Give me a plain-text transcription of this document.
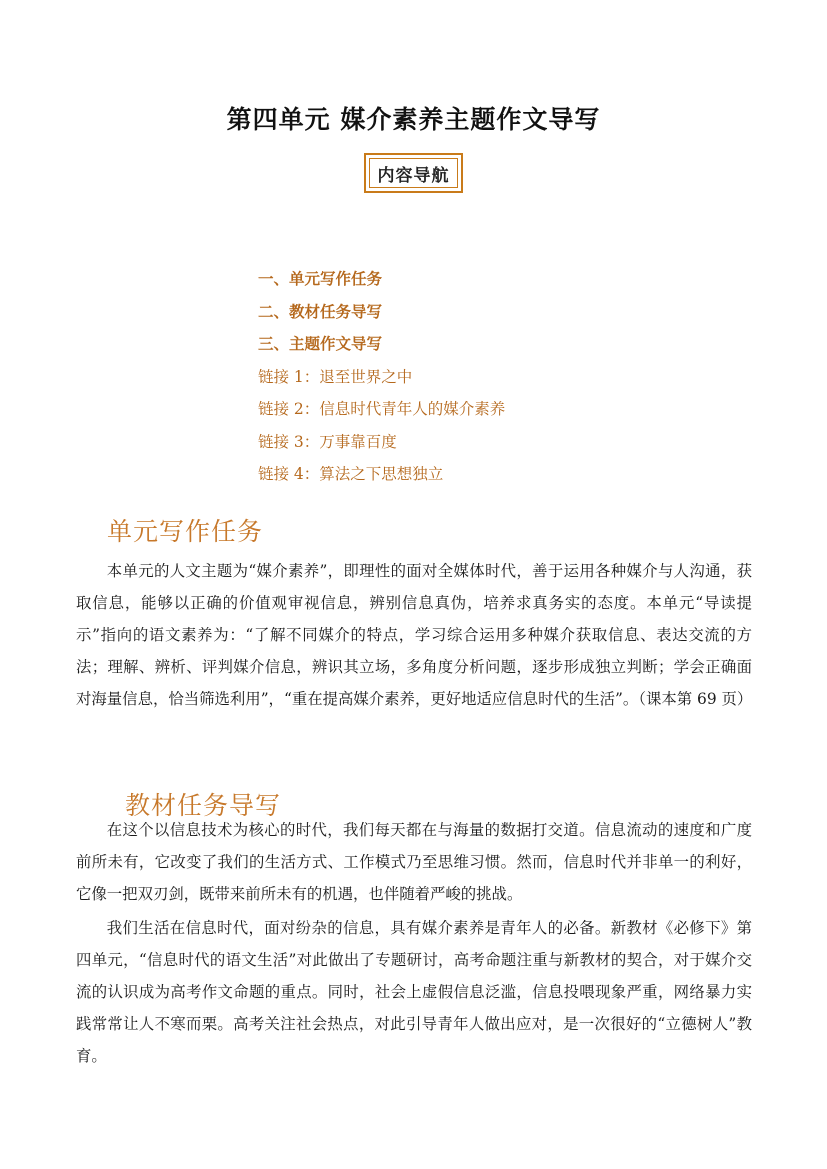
第四单元 媒介素养主题作文导写
内容导航
一、单元写作任务
二、教材任务导写
三、主题作文导写
链接 1：退至世界之中
链接 2：信息时代青年人的媒介素养
链接 3：万事靠百度
链接 4：算法之下思想独立
单元写作任务
本单元的人文主题为“媒介素养”，即理性的面对全媒体时代，善于运用各种媒介与人沟通，获取信息，能够以正确的价值观审视信息，辨别信息真伪，培养求真务实的态度。本单元“导读提示”指向的语文素养为：“了解不同媒介的特点，学习综合运用多种媒介获取信息、表达交流的方法；理解、辨析、评判媒介信息，辨识其立场，多角度分析问题，逐步形成独立判断；学会正确面对海量信息，恰当筛选利用”，“重在提高媒介素养，更好地适应信息时代的生活”。（课本第 69 页）
教材任务导写
在这个以信息技术为核心的时代，我们每天都在与海量的数据打交道。信息流动的速度和广度前所未有，它改变了我们的生活方式、工作模式乃至思维习惯。然而，信息时代并非单一的利好，它像一把双刃剑，既带来前所未有的机遇，也伴随着严峻的挑战。
我们生活在信息时代，面对纷杂的信息，具有媒介素养是青年人的必备。新教材《必修下》第四单元，“信息时代的语文生活”对此做出了专题研讨，高考命题注重与新教材的契合，对于媒介交流的认识成为高考作文命题的重点。同时，社会上虚假信息泛滥，信息投喂现象严重，网络暴力实践常常让人不寒而栗。高考关注社会热点，对此引导青年人做出应对，是一次很好的“立德树人”教育。
